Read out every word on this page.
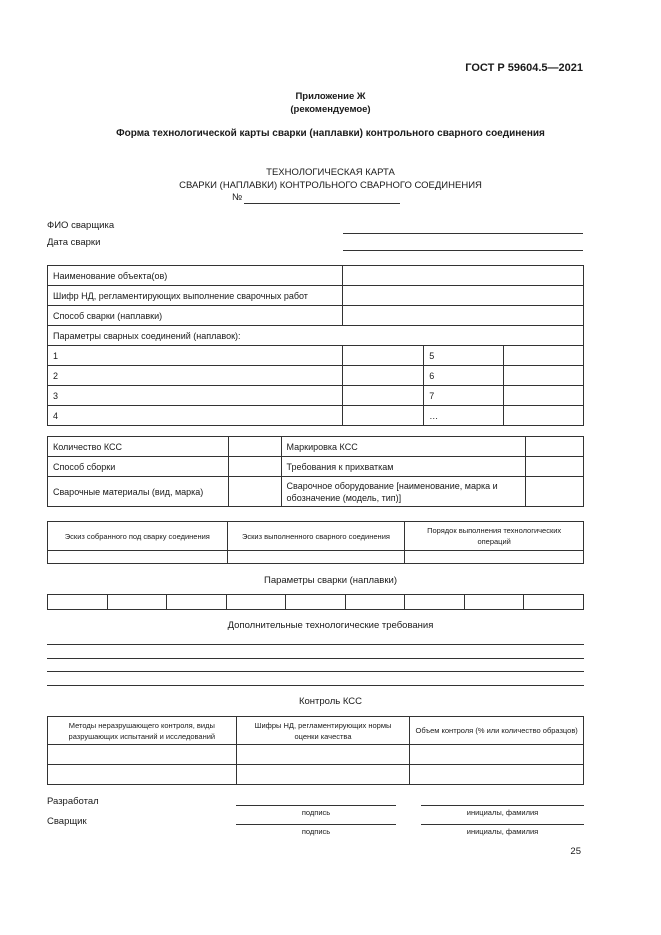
ГОСТ Р 59604.5—2021
Приложение Ж
(рекомендуемое)
Форма технологической карты сварки (наплавки) контрольного сварного соединения
ТЕХНОЛОГИЧЕСКАЯ КАРТА
СВАРКИ (НАПЛАВКИ) КОНТРОЛЬНОГО СВАРНОГО СОЕДИНЕНИЯ
№
ФИО сварщика
Дата сварки
Наименование объекта(ов)			
Шифр НД, регламентирующих выполнение сварочных работ			
Способ сварки (наплавки)			
Параметры сварных соединений (наплавок):			
1		5	
2		6	
3		7	
4		…	
Количество КСС		Маркировка КСС	
Способ сборки		Требования к прихваткам	
Сварочные материалы (вид, марка)		Сварочное оборудование [наименование, марка и обозначение (модель, тип)]	
Эскиз собранного под сварку соединения	Эскиз выполненного сварного соединения	Порядок выполнения технологических операций

Параметры сварки (наплавки)

Дополнительные технологические требования
Контроль КСС
Методы неразрушающего контроля, виды разрушающих испытаний и исследований	Шифры НД, регламентирующих нормы оценки качества	Объем контроля (% или количество образцов)

Разработал
подпись	инициалы, фамилия
Сварщик
подпись	инициалы, фамилия
25
